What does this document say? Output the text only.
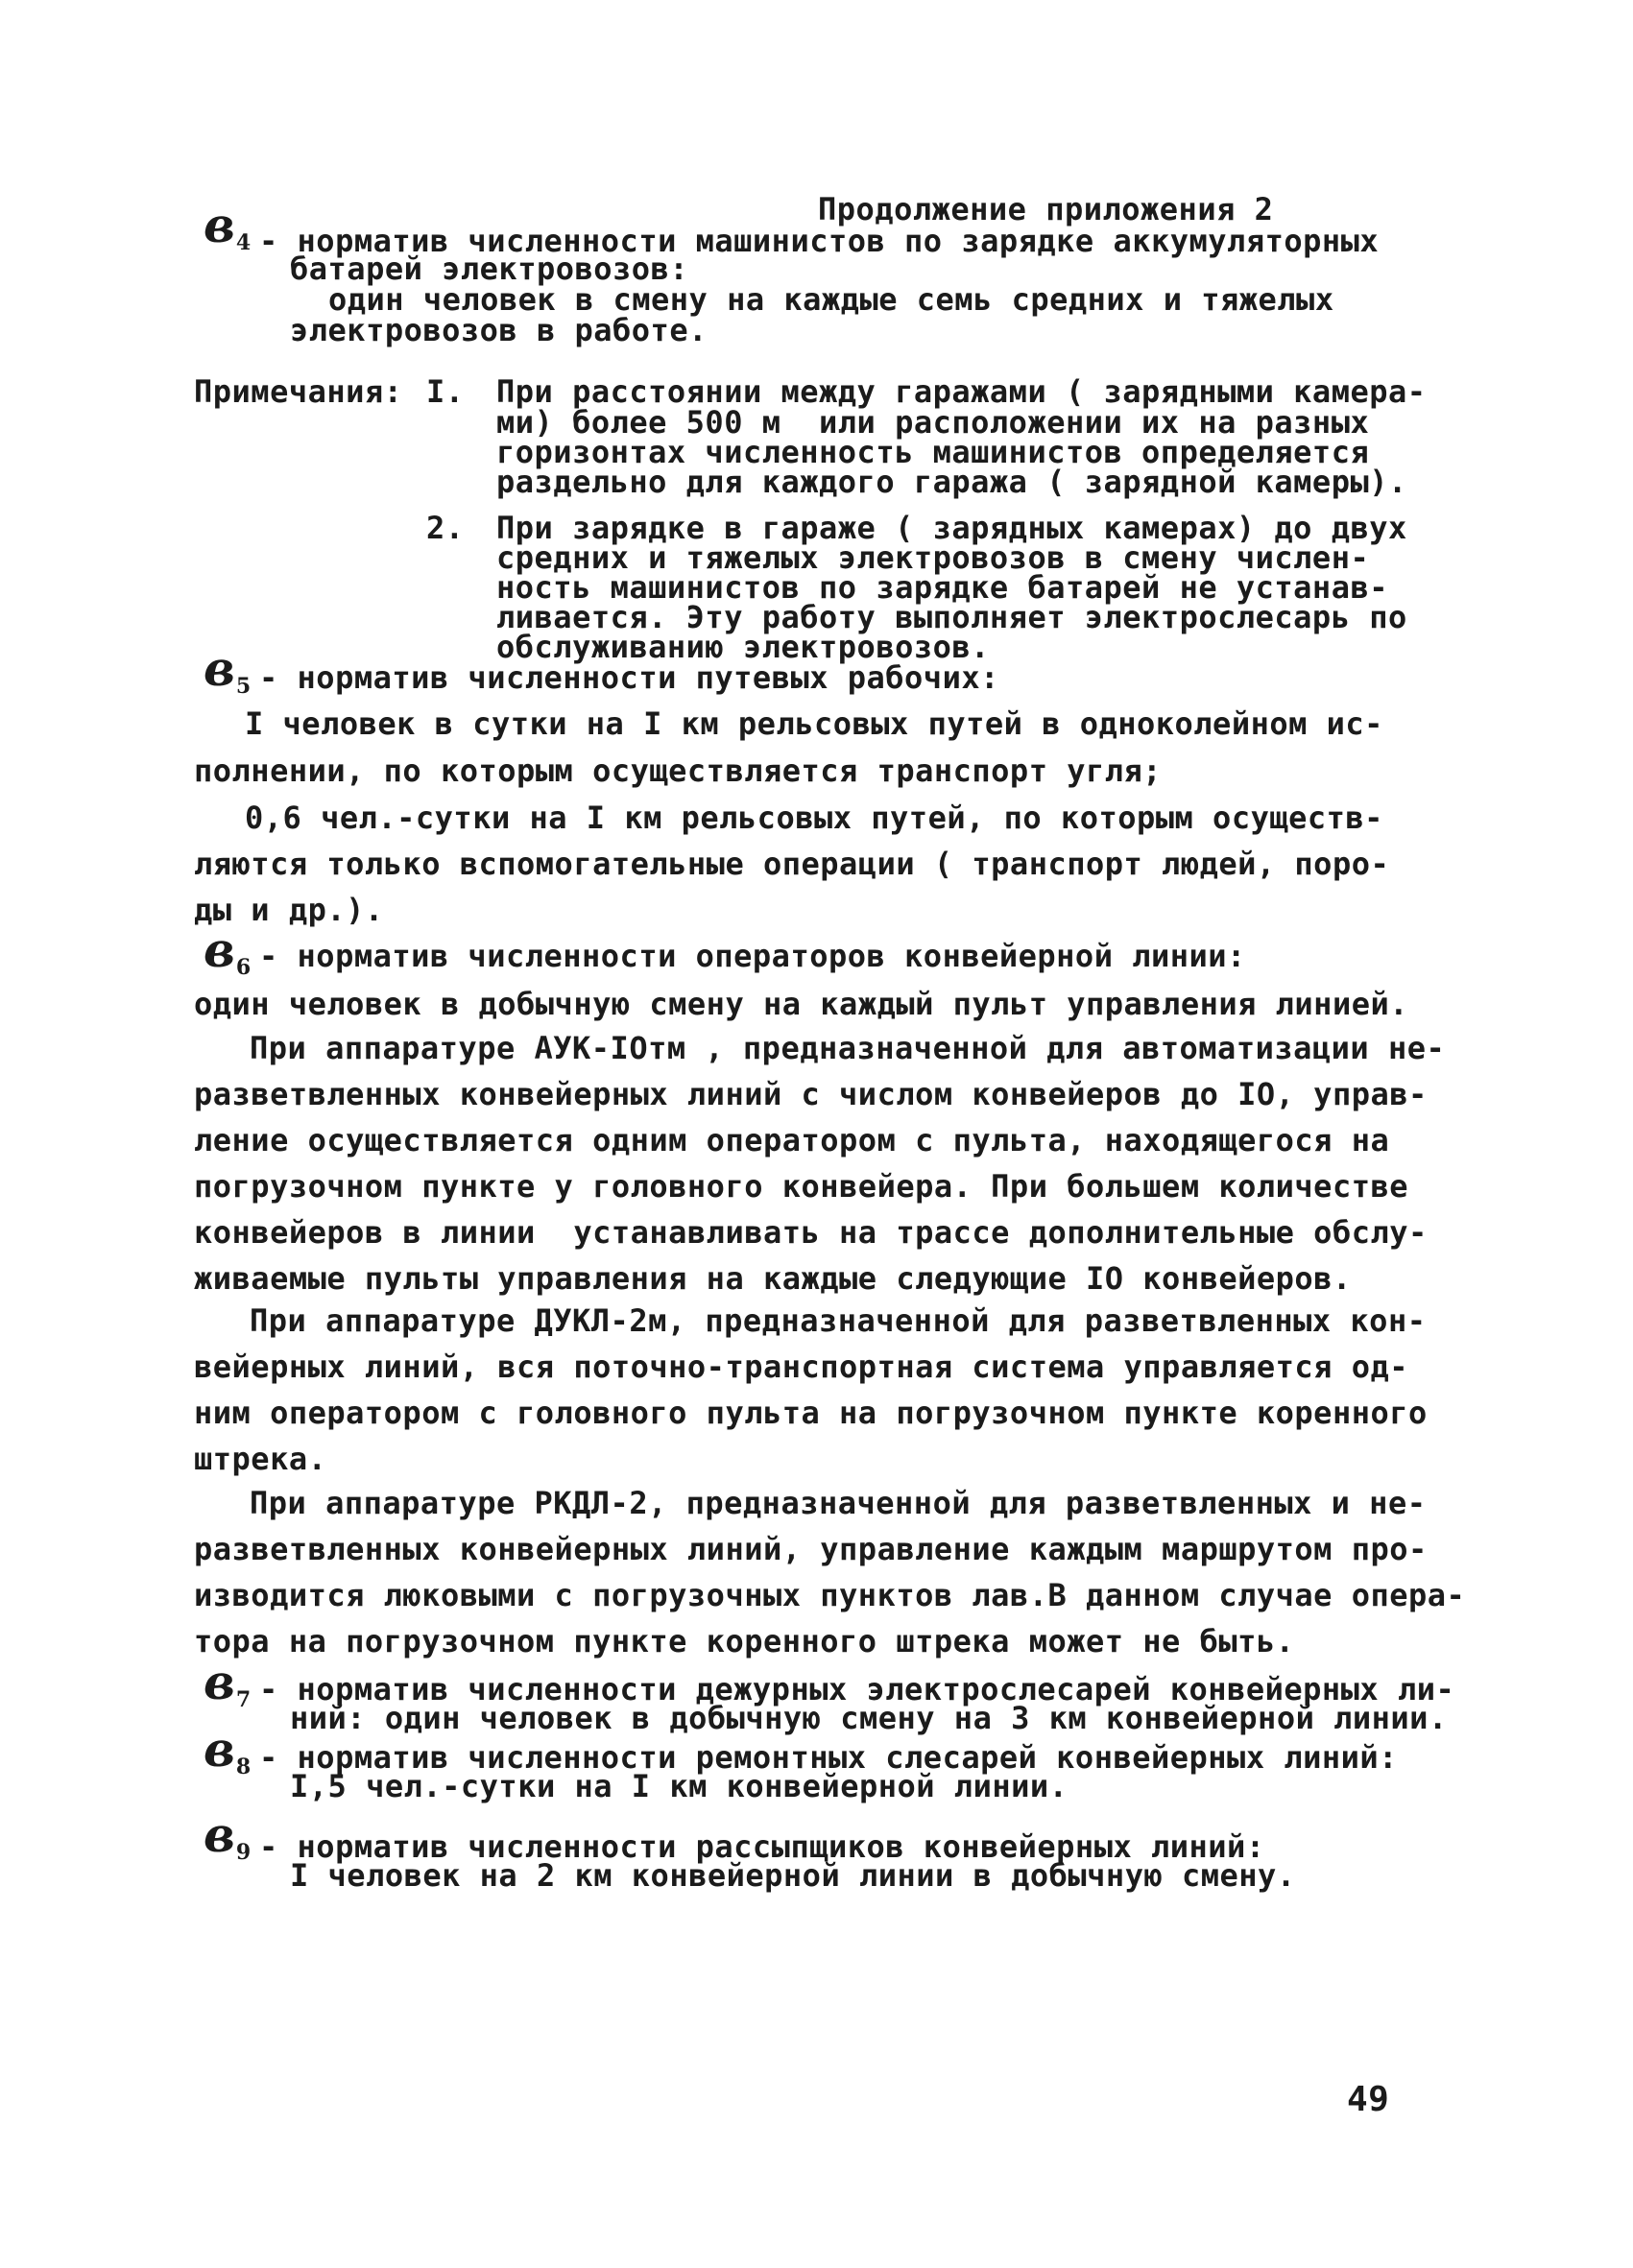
Продолжение приложения 2
$в_4$ - норматив численности машинистов по зарядке аккумуляторных
батарей электровозов:
один человек в смену на каждые семь средних и тяжелых
электровозов в работе.
Примечания: I. При расстоянии между гаражами ( зарядными камера-
ми) более 500 м  или расположении их на разных
горизонтах численность машинистов определяется
раздельно для каждого гаража ( зарядной камеры).
2. При зарядке в гараже ( зарядных камерах) до двух
средних и тяжелых электровозов в смену числен-
ность машинистов по зарядке батарей не устанав-
ливается. Эту работу выполняет электрослесарь по
обслуживанию электровозов.
$в_5$ - норматив численности путевых рабочих:
I человек в сутки на I км рельсовых путей в одноколейном ис-
полнении, по которым осуществляется транспорт угля;
0,6 чел.-сутки на I км рельсовых путей, по которым осуществ-
ляются только вспомогательные операции ( транспорт людей, поро-
ды и др.).
$в_6$ - норматив численности операторов конвейерной линии:
один человек в добычную смену на каждый пульт управления линией.
При аппаратуре АУК-IОтм , предназначенной для автоматизации не-
разветвленных конвейерных линий с числом конвейеров до IО, управ-
ление осуществляется одним оператором с пульта, находящегося на
погрузочном пункте у головного конвейера. При большем количестве
конвейеров в линии  устанавливать на трассе дополнительные обслу-
живаемые пульты управления на каждые следующие IО конвейеров.
При аппаратуре ДУКЛ-2м, предназначенной для разветвленных кон-
вейерных линий, вся поточно-транспортная система управляется од-
ним оператором с головного пульта на погрузочном пункте коренного
штрека.
При аппаратуре РКДЛ-2, предназначенной для разветвленных и не-
разветвленных конвейерных линий, управление каждым маршрутом про-
изводится люковыми с погрузочных пунктов лав.В данном случае опера-
тора на погрузочном пункте коренного штрека может не быть.
$в_7$ - норматив численности дежурных электрослесарей конвейерных ли-
ний: один человек в добычную смену на 3 км конвейерной линии.
$в_8$ - норматив численности ремонтных слесарей конвейерных линий:
I,5 чел.-сутки на I км конвейерной линии.
$в_9$ - норматив численности рассыпщиков конвейерных линий:
I человек на 2 км конвейерной линии в добычную смену.
49
